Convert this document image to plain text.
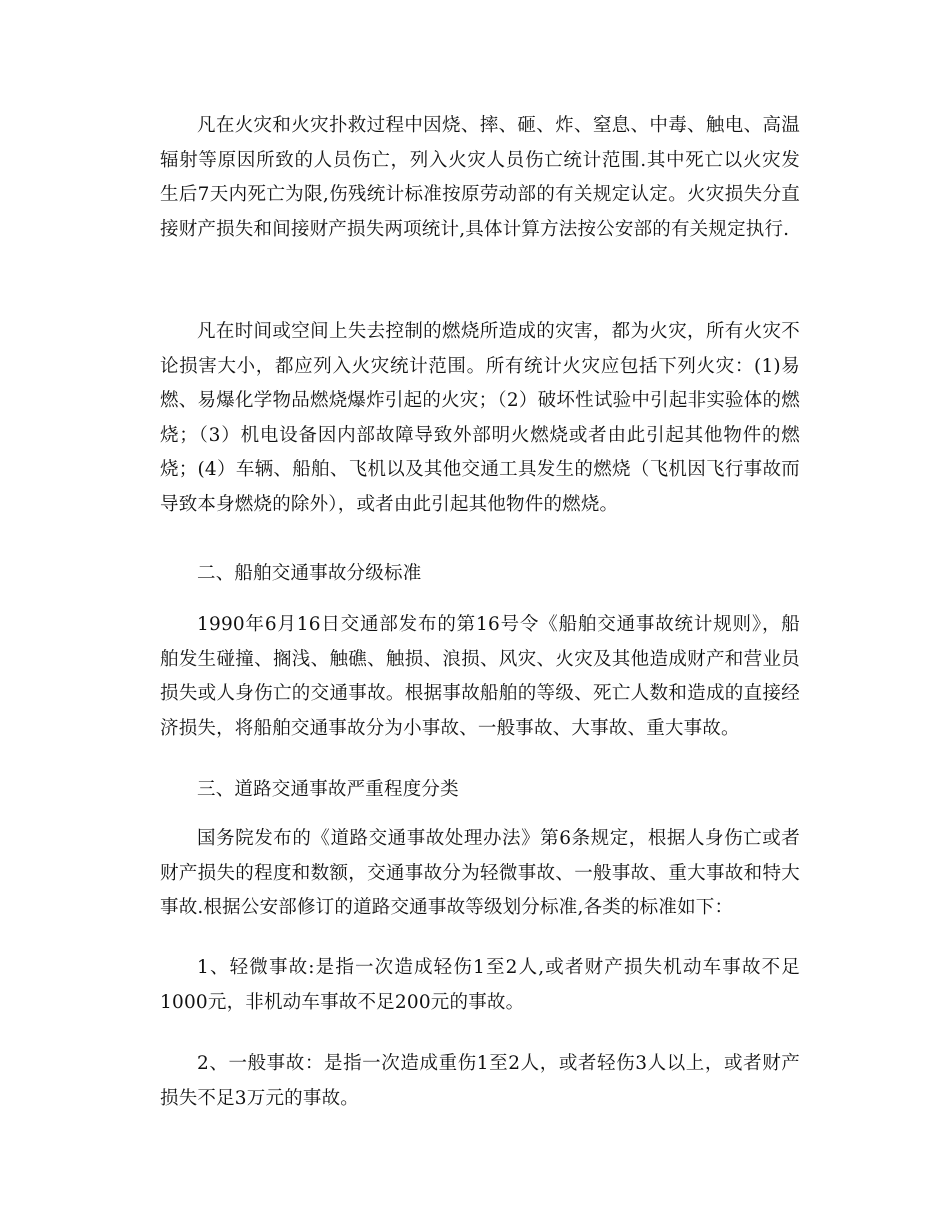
凡在火灾和火灾扑救过程中因烧、摔、砸、炸、窒息、中毒、触电、高温辐射等原因所致的人员伤亡，列入火灾人员伤亡统计范围.其中死亡以火灾发生后7天内死亡为限,伤残统计标准按原劳动部的有关规定认定。火灾损失分直接财产损失和间接财产损失两项统计,具体计算方法按公安部的有关规定执行.

凡在时间或空间上失去控制的燃烧所造成的灾害，都为火灾，所有火灾不论损害大小，都应列入火灾统计范围。所有统计火灾应包括下列火灾：(1)易燃、易爆化学物品燃烧爆炸引起的火灾；（2）破坏性试验中引起非实验体的燃烧；（3）机电设备因内部故障导致外部明火燃烧或者由此引起其他物件的燃烧；(4）车辆、船舶、飞机以及其他交通工具发生的燃烧（飞机因飞行事故而导致本身燃烧的除外），或者由此引起其他物件的燃烧。

二、船舶交通事故分级标准

1990年6月16日交通部发布的第16号令《船舶交通事故统计规则》，船舶发生碰撞、搁浅、触礁、触损、浪损、风灾、火灾及其他造成财产和营业员损失或人身伤亡的交通事故。根据事故船舶的等级、死亡人数和造成的直接经济损失，将船舶交通事故分为小事故、一般事故、大事故、重大事故。

三、道路交通事故严重程度分类

国务院发布的《道路交通事故处理办法》第6条规定，根据人身伤亡或者财产损失的程度和数额，交通事故分为轻微事故、一般事故、重大事故和特大事故.根据公安部修订的道路交通事故等级划分标准,各类的标准如下：

1、轻微事故:是指一次造成轻伤1至2人,或者财产损失机动车事故不足1000元，非机动车事故不足200元的事故。

2、一般事故：是指一次造成重伤1至2人，或者轻伤3人以上，或者财产损失不足3万元的事故。
